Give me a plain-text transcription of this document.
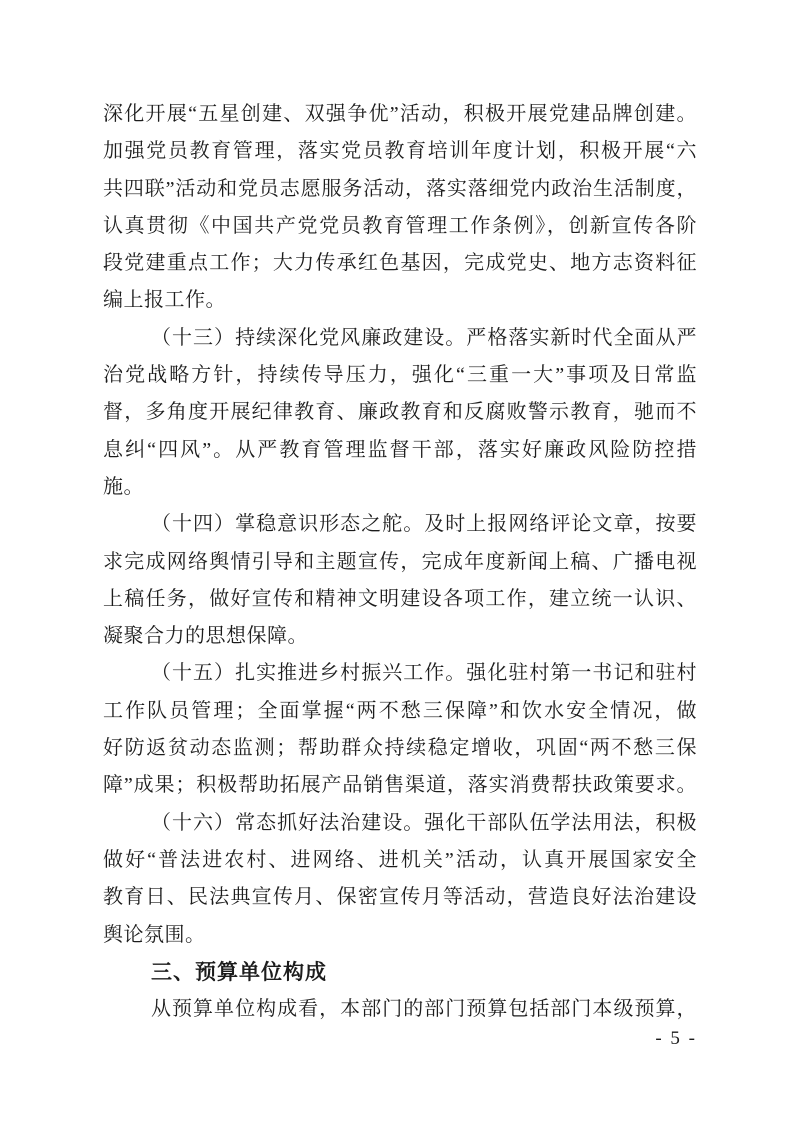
深化开展“五星创建、双强争优”活动，积极开展党建品牌创建。
加强党员教育管理，落实党员教育培训年度计划，积极开展“六
共四联”活动和党员志愿服务活动，落实落细党内政治生活制度，
认真贯彻《中国共产党党员教育管理工作条例》，创新宣传各阶
段党建重点工作；大力传承红色基因，完成党史、地方志资料征
编上报工作。
（十三）持续深化党风廉政建设。严格落实新时代全面从严
治党战略方针，持续传导压力，强化“三重一大”事项及日常监
督，多角度开展纪律教育、廉政教育和反腐败警示教育，驰而不
息纠“四风”。从严教育管理监督干部，落实好廉政风险防控措
施。
（十四）掌稳意识形态之舵。及时上报网络评论文章，按要
求完成网络舆情引导和主题宣传，完成年度新闻上稿、广播电视
上稿任务，做好宣传和精神文明建设各项工作，建立统一认识、
凝聚合力的思想保障。
（十五）扎实推进乡村振兴工作。强化驻村第一书记和驻村
工作队员管理；全面掌握“两不愁三保障”和饮水安全情况，做
好防返贫动态监测；帮助群众持续稳定增收，巩固“两不愁三保
障”成果；积极帮助拓展产品销售渠道，落实消费帮扶政策要求。
（十六）常态抓好法治建设。强化干部队伍学法用法，积极
做好“普法进农村、进网络、进机关”活动，认真开展国家安全
教育日、民法典宣传月、保密宣传月等活动，营造良好法治建设
舆论氛围。
三、预算单位构成
从预算单位构成看，本部门的部门预算包括部门本级预算，
- 5 -
